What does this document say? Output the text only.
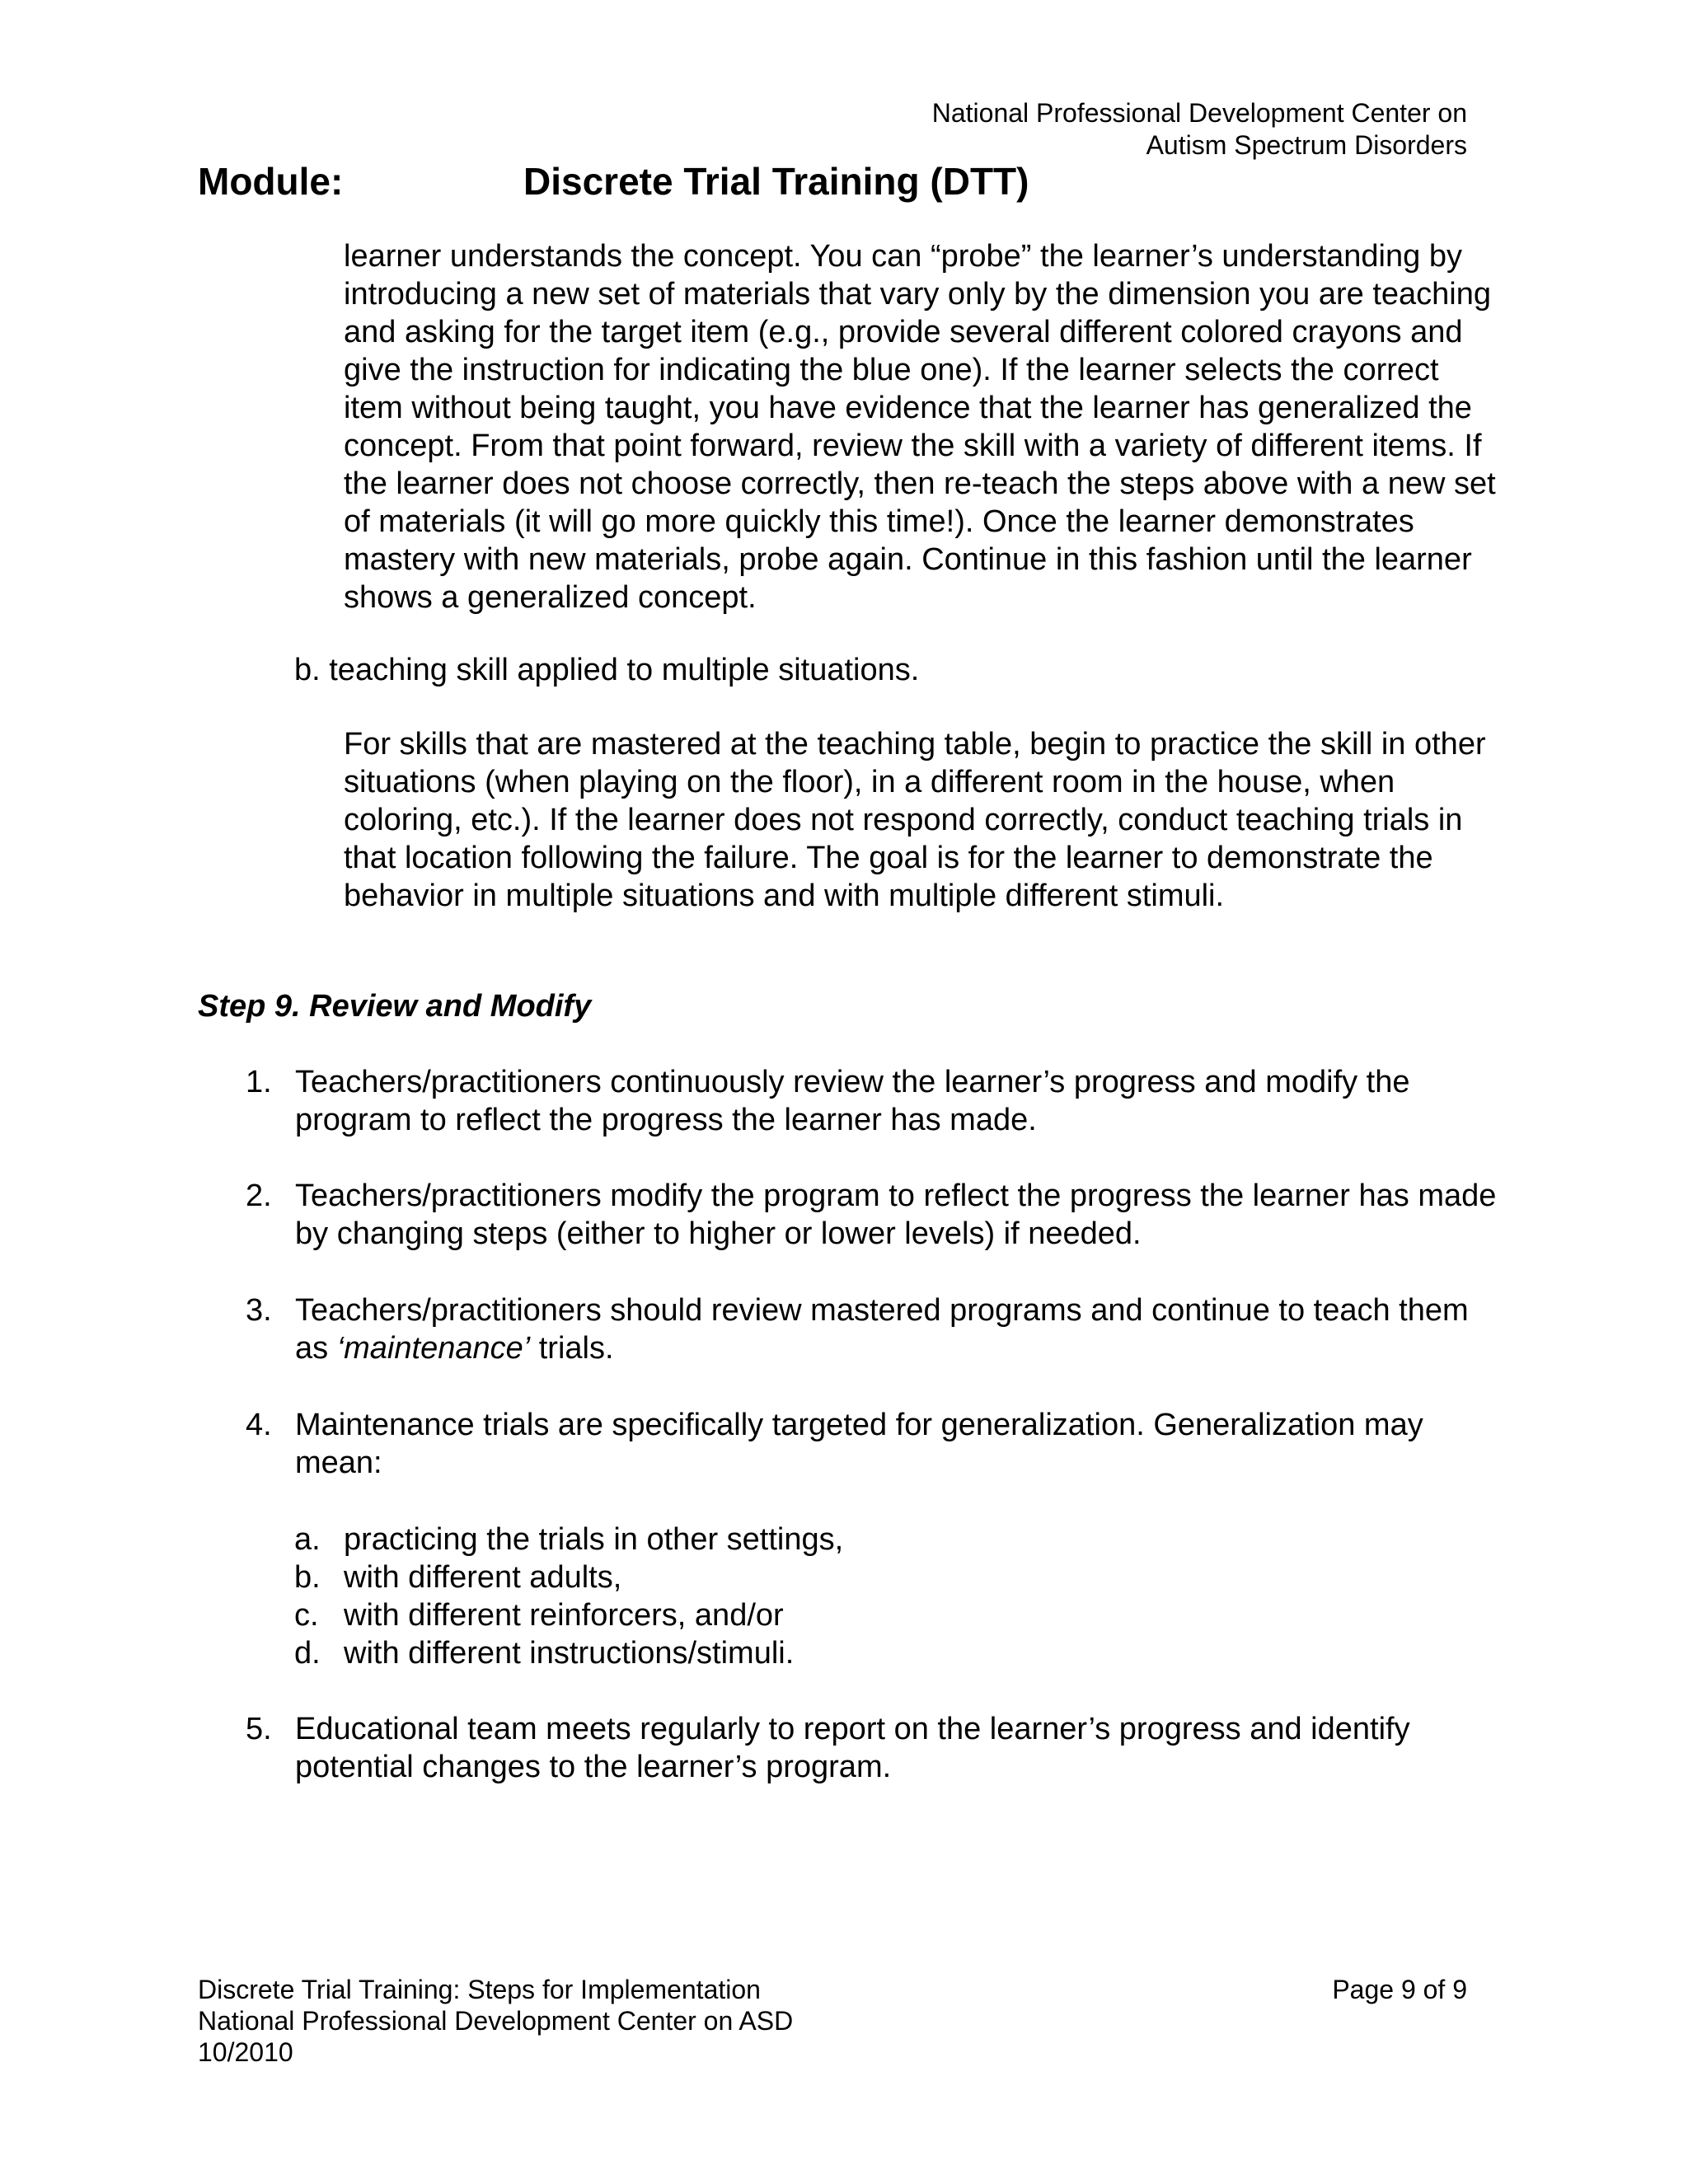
National Professional Development Center on
Autism Spectrum Disorders
Module:	Discrete Trial Training (DTT)

learner understands the concept. You can “probe” the learner’s understanding by introducing a new set of materials that vary only by the dimension you are teaching and asking for the target item (e.g., provide several different colored crayons and give the instruction for indicating the blue one). If the learner selects the correct item without being taught, you have evidence that the learner has generalized the concept. From that point forward, review the skill with a variety of different items. If the learner does not choose correctly, then re-teach the steps above with a new set of materials (it will go more quickly this time!). Once the learner demonstrates mastery with new materials, probe again. Continue in this fashion until the learner shows a generalized concept.

b. teaching skill applied to multiple situations.

For skills that are mastered at the teaching table, begin to practice the skill in other situations (when playing on the floor), in a different room in the house, when coloring, etc.). If the learner does not respond correctly, conduct teaching trials in that location following the failure. The goal is for the learner to demonstrate the behavior in multiple situations and with multiple different stimuli.

Step 9. Review and Modify
1. Teachers/practitioners continuously review the learner’s progress and modify the program to reflect the progress the learner has made.
2. Teachers/practitioners modify the program to reflect the progress the learner has made by changing steps (either to higher or lower levels) if needed.
3. Teachers/practitioners should review mastered programs and continue to teach them as ‘maintenance’ trials.
4. Maintenance trials are specifically targeted for generalization. Generalization may mean:
a. practicing the trials in other settings,
b. with different adults,
c. with different reinforcers, and/or
d. with different instructions/stimuli.
5. Educational team meets regularly to report on the learner’s progress and identify potential changes to the learner’s program.
Discrete Trial Training: Steps for Implementation
National Professional Development Center on ASD
10/2010
Page 9 of 9
